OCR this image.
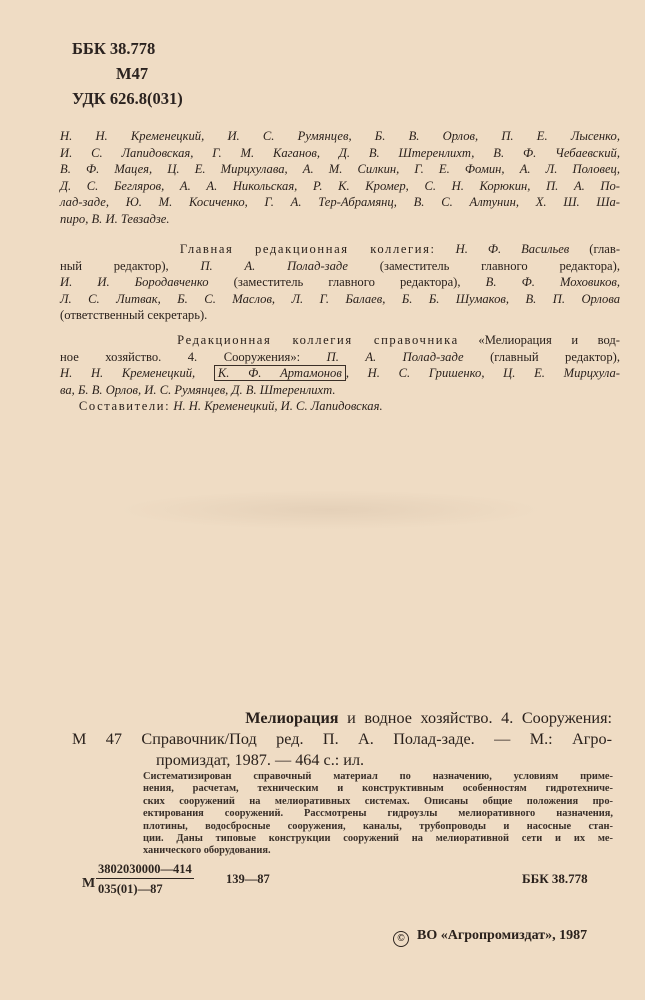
ББК 38.778
М47
УДК 626.8(031)
Н. Н. Кременецкий, И. С. Румянцев, Б. В. Орлов, П. Е. Лысенко,
И. С. Лапидовская, Г. М. Каганов, Д. В. Штеренлихт, В. Ф. Чебаевский,
В. Ф. Мацея, Ц. Е. Мирцхулава, А. М. Силкин, Г. Е. Фомин, А. Л. Половец,
Д. С. Бегляров, А. А. Никольская, Р. К. Кромер, С. Н. Корюкин, П. А. По-
лад-заде, Ю. М. Косиченко, Г. А. Тер-Абрамянц, В. С. Алтунин, Х. Ш. Ша-
пиро, В. И. Тевзадзе.
Главная редакционная коллегия: Н. Ф. Васильев (глав-
ный редактор),	П. А. Полад-заде	(заместитель главного редактора),
И. И. Бородавченко (заместитель главного редактора), В. Ф. Моховиков,
Л. С. Литвак, Б. С. Маслов, Л. Г. Балаев, Б. Б. Шумаков, В. П. Орлова
(ответственный секретарь).
Редакционная коллегия справочника «Мелиорация и вод-
ное хозяйство. 4. Сооружения»: П. А. Полад-заде (главный редактор),
Н. Н. Кременецкий, К. Ф. Артамонов , Н. С. Гришенко, Ц. Е. Мирцхула-
ва, Б. В. Орлов, И. С. Румянцев, Д. В. Штеренлихт.
Составители: Н. Н. Кременецкий, И. С. Лапидовская.
Мелиорация и водное хозяйство. 4. Сооружения:
М 47 Справочник/Под ред. П. А. Полад-заде. — М.: Агро-
промиздат, 1987. — 464 с.: ил.
Систематизирован справочный материал по назначению, условиям приме-
нения, расчетам, техническим и конструктивным особенностям гидротехниче-
ских сооружений на мелиоративных системах. Описаны общие положения про-
ектирования сооружений. Рассмотрены гидроузлы мелиоративного назначения,
плотины, водосбросные сооружения, каналы, трубопроводы и насосные стан-
ции. Даны типовые конструкции сооружений на мелиоративной сети и их ме-
ханического оборудования.
М
3802030000—414
035(01)—87
139—87	ББК 38.778
© ВО «Агропромиздат», 1987
